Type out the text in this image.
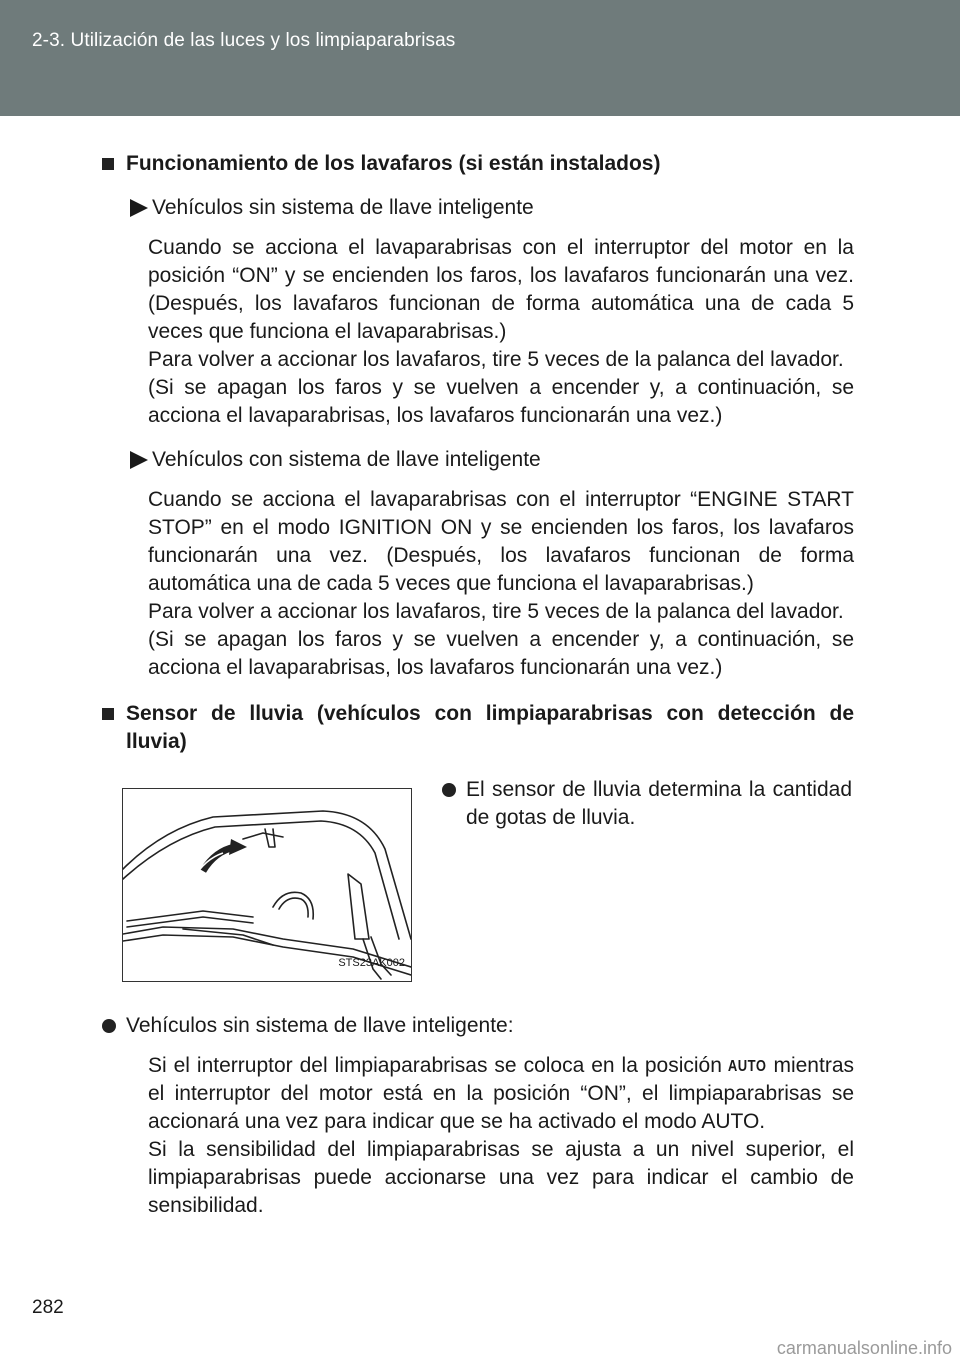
2-3. Utilización de las luces y los limpiaparabrisas
Funcionamiento de los lavafaros (si están instalados)
Vehículos sin sistema de llave inteligente

Cuando se acciona el lavaparabrisas con el interruptor del motor en la posición “ON” y se encienden los faros, los lavafaros funcionarán una vez. (Después, los lavafaros funcionan de forma automática una de cada 5 veces que funciona el lavaparabrisas.)

Para volver a accionar los lavafaros, tire 5 veces de la palanca del lavador.

(Si se apagan los faros y se vuelven a encender y, a continuación, se acciona el lavaparabrisas, los lavafaros funcionarán una vez.)

Vehículos con sistema de llave inteligente

Cuando se acciona el lavaparabrisas con el interruptor “ENGINE START STOP” en el modo IGNITION ON y se encienden los faros, los lavafaros funcionarán una vez. (Después, los lavafaros funcionan de forma automática una de cada 5 veces que funciona el lavaparabrisas.)

Para volver a accionar los lavafaros, tire 5 veces de la palanca del lavador.

(Si se apagan los faros y se vuelven a encender y, a continuación, se acciona el lavaparabrisas, los lavafaros funcionarán una vez.)

Sensor de lluvia (vehículos con limpiaparabrisas con detección de lluvia)
STS23AK002
El sensor de lluvia determina la cantidad de gotas de lluvia.
Vehículos sin sistema de llave inteligente:

Si el interruptor del limpiaparabrisas se coloca en la posición AUTO mientras el interruptor del motor está en la posición “ON”, el limpiaparabrisas se accionará una vez para indicar que se ha activado el modo AUTO.

Si la sensibilidad del limpiaparabrisas se ajusta a un nivel superior, el limpiaparabrisas puede accionarse una vez para indicar el cambio de sensibilidad.

282
carmanualsonline.info
